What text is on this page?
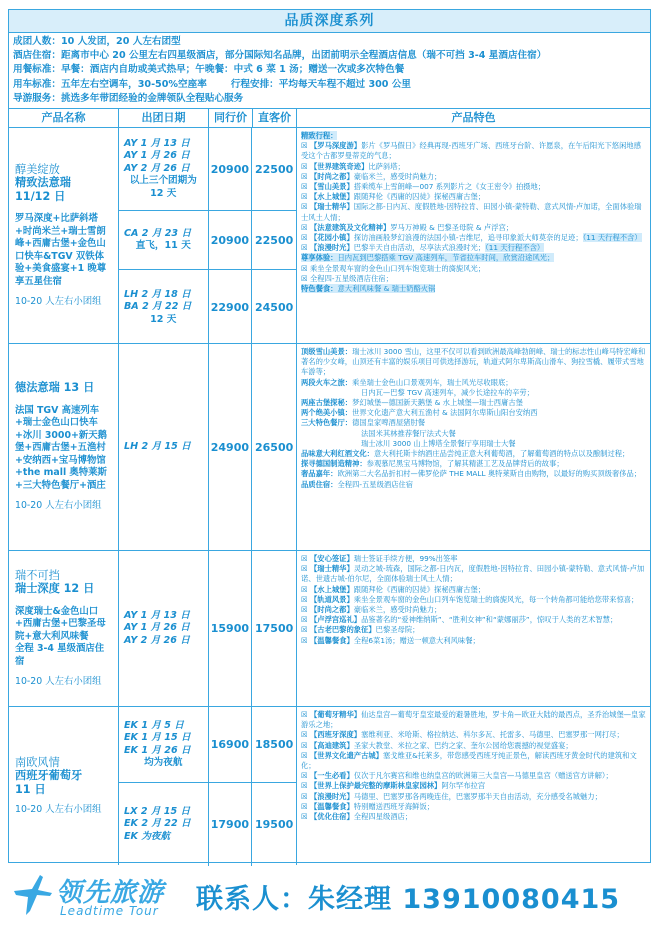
品质深度系列
成团人数：10 人发团，20 人左右团型
酒店住宿：距离市中心 20 公里左右四星级酒店，部分国际知名品牌，出团前明示全程酒店信息（瑞不可挡 3-4 星酒店住宿）
用餐标准：早餐：酒店内自助或美式热早；午晚餐：中式 6 菜 1 汤；赠送一次或多次特色餐
用车标准：五年左右空调车，30-50%空座率	行程安排：平均每天车程不超过 300 公里
导游服务：挑选多年带团经验的金牌领队全程贴心服务
产品名称	出团日期	同行价	直客价	产品特色
醇美绽放
精致法意瑞
11/12 日
罗马深度+比萨斜塔+时尚米兰+瑞士雪朗峰+西庸古堡+金色山口快车&TGV 双铁体验+美食盛宴+1 晚尊享五星住宿
10-20 人左右小团组
AY 1 月 13 日
AY 1 月 26 日
AY 2 月 26 日
以上三个团期为 12 天
20900 22500
CA 2 月 23 日
直飞，11 天	20900 22500
LH 2 月 18 日
BA 2 月 22 日
12 天
22900 24500
精致行程：
☒ 【罗马深度游】影片《罗马假日》经典再现-西班牙广场、西班牙台阶、许愿泉，在午后阳光下悠闲地感受这个古都罗曼蒂克的气息；
☒ 【世界建筑奇迹】比萨斜塔；
☒ 【时尚之都】豪临米兰，感受时尚魅力；
☒ 【雪山美景】搭乘缆车上雪朗峰—007 系列影片之《女王密令》拍摄地；
☒ 【水上城堡】跟随拜伦《西庸的囚徒》探秘西庸古堡；
☒ 【瑞士精华】国际之都-日内瓦、度假胜地-因特拉肯、田园小镇-蒙特勒、意式风情-卢加诺，全面体验瑞士风土人情；
☒ 【法意建筑及文化精神】罗马万神殿 & 巴黎圣母院 & 卢浮宫；
☒ 【花园小镇】探访油画般梦幻浪漫的法国小镇-吉维尼，追寻印象派大师莫奈的足迹；（11 天行程不含）
☒ 【浪漫时光】巴黎半天自由活动，尽享法式浪漫时光；（11 天行程不含）
尊享体验：日内瓦到巴黎搭乘 TGV 高速列车，节省拉车时间，欣赏沿途风光；
☒ 乘坐全景观车窗的金色山口列车饱览瑞士的旖旎风光；
☒ 全程四-五星级酒店住宿；
特色餐食：意大利风味餐 & 瑞士奶酪火锅
德法意瑞 13 日
法国 TGV 高速列车+瑞士金色山口快车+冰川 3000+新天鹅堡+西庸古堡+五渔村+安纳西+宝马博物馆+the mall 奥特莱斯+三大特色餐厅+酒庄
10-20 人左右小团组
LH 2 月 15 日	24900 26500
顶级雪山美景：瑞士冰川 3000 雪山，这里不仅可以看到欧洲最高峰勃朗峰、瑞士的标志性山峰马特宏峰和著名的少女峰，山顶还有丰富的娱乐项目可供选择游玩，轨道式阿尔卑斯高山滑车、狗拉雪橇、履带式雪地车游等；
两段火车之旅：乘坐瑞士金色山口景观列车，瑞士风光尽收眼底；
日内瓦—巴黎 TGV 高速列车，减少长途拉车的辛劳；
两座古堡探秘：梦幻城堡—德国新天鹅堡 & 水上城堡—瑞士西庸古堡
两个绝美小镇：世界文化遗产意大利五渔村 & 法国阿尔卑斯山阳台安纳西
三大特色餐厅：德国皇家啤酒屋猪肘餐
法国米其林推荐餐厅法式大餐
瑞士冰川 3000 山上博塔全景餐厅享用瑞士大餐
品味意大利红酒文化：意大利托斯卡纳酒庄品尝纯正意大利葡萄酒，了解葡萄酒的特点以及酿制过程；
探寻德国制造精神：参观慕尼黑宝马博物馆，了解其精湛工艺及品牌背后的故事；
奢品嘉年：欧洲第二大名品折扣村—佛罗伦萨 THE MALL 奥特莱斯自由购物，以最好的购买顶级奢侈品；
品质住宿：全程四-五星级酒店住宿
瑞不可挡
瑞士深度 12 日
深度瑞士&金色山口+西庸古堡+巴黎圣母院+意大利风味餐
全程 3-4 星级酒店住宿
10-20 人左右小团组
AY 1 月 13 日
AY 1 月 26 日
AY 2 月 26 日
15900 17500
☒ 【安心签证】瑞士签证手续方便，99%出签率
☒ 【瑞士精华】灵动之城-琉森，国际之都-日内瓦，度假胜地-因特拉肯、田园小镇-蒙特勒、意式风情-卢加诺、世遗古城-伯尔尼，全面体验瑞士风土人情；
☒ 【水上城堡】跟随拜伦《西庸的囚徒》探秘西庸古堡；
☒ 【轨道风景】乘坐全景观车窗的金色山口列车饱览瑞士的旖旎风光，每一个转角都可能给您带来惊喜；
☒ 【时尚之都】豪临米兰，感受时尚魅力；
☒ 【卢浮宫巡礼】品鉴著名的“爱神维纳斯”、“胜利女神”和“蒙娜丽莎”，惊叹于人类的艺术智慧；
☒ 【古老巴黎的象征】巴黎圣母院；
☒ 【温馨餐食】全程6菜1汤；赠送一顿意大利风味餐；
南欧风情
西班牙葡萄牙
11 日
10-20 人左右小团组
EK 1 月 5 日
EK 1 月 15 日
EK 1 月 26 日
均为夜航
16900 18500
LX 2 月 15 日
EK 2 月 22 日
EK 为夜航
17900 19500
☒ 【葡萄牙精华】仙达皇宫—葡萄牙皇室最爱的避暑胜地，罗卡角—欧亚大陆的最西点，圣乔治城堡—皇家游乐之地；
☒ 【西班牙深度】塞维利亚、米哈斯、格拉纳达、科尔多瓦、托雷多、马德里、巴塞罗那一网打尽；
☒ 【高迪建筑】圣家大教堂、米拉之家、巴约之家、奎尔公园给您震撼的视觉盛宴；
☒ 【世界文化遗产古城】塞戈维亚&托莱多，带您感受西班牙纯正景色，解读西班牙黄金时代的建筑和文化；
☒ 【一生必看】仅次于凡尔赛宫和维也纳皇宫的欧洲第三大皇宫—马德里皇宫（赠送官方讲解）；
☒ 【世界上保护最完整的摩斯林皇家园林】阿尔罕布拉宫
☒ 【浪漫时光】马德里、巴塞罗那各两晚连住，巴塞罗那半天自由活动，充分感受名城魅力；
☒ 【温馨餐食】特别赠送西班牙海鲜饭；
☒ 【优化住宿】全程四星级酒店；
领先旅游
Leadtime Tour 联系人：朱经理 13910080415
